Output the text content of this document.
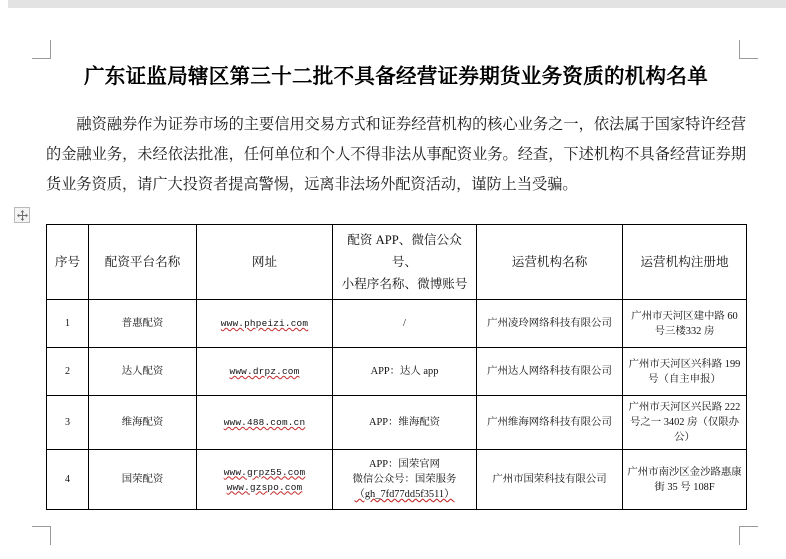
广东证监局辖区第三十二批不具备经营证券期货业务资质的机构名单

融资融券作为证券市场的主要信用交易方式和证券经营机构的核心业务之一，依法属于国家特许经营的金融业务，未经依法批准，任何单位和个人不得非法从事配资业务。经查，下述机构不具备经营证券期货业务资质，请广大投资者提高警惕，远离非法场外配资活动，谨防上当受骗。

序号	配资平台名称	网址	配资 APP、微信公众号、
小程序名称、微博账号	运营机构名称	运营机构注册地
1	普惠配资	www.phpeizi.com	/	广州凌玲网络科技有限公司	广州市天河区建中路 60 号三楼332 房
2	达人配资	www.drpz.com	APP：达人 app	广州达人网络科技有限公司	广州市天河区兴科路 199 号（自主申报）
3	维海配资	www.488.com.cn	APP：维海配资	广州维海网络科技有限公司	广州市天河区兴民路 222 号之一 3402 房（仅限办公）
4	国荣配资	www.grpz55.com
www.gzspo.com	APP：国荣官网
微信公众号：国荣服务
（gh_7fd77dd5f3511）	广州市国荣科技有限公司	广州市南沙区金沙路惠康街 35 号 108F
